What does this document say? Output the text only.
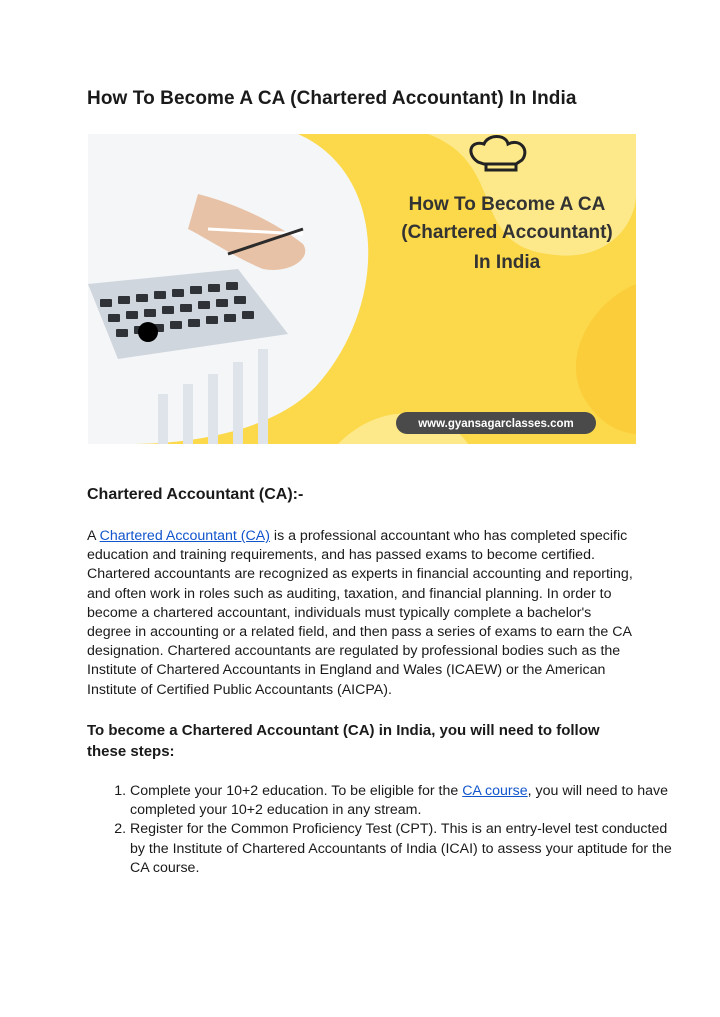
How To Become A CA (Chartered Accountant) In India
How To Become A CA
(Chartered Accountant)
In India
www.gyansagarclasses.com
Chartered Accountant (CA):-

A Chartered Accountant (CA) is a professional accountant who has completed specific education and training requirements, and has passed exams to become certified. Chartered accountants are recognized as experts in financial accounting and reporting, and often work in roles such as auditing, taxation, and financial planning. In order to become a chartered accountant, individuals must typically complete a bachelor's degree in accounting or a related field, and then pass a series of exams to earn the CA designation. Chartered accountants are regulated by professional bodies such as the Institute of Chartered Accountants in England and Wales (ICAEW) or the American Institute of Certified Public Accountants (AICPA).

To become a Chartered Accountant (CA) in India, you will need to follow these steps:

1. Complete your 10+2 education. To be eligible for the CA course, you will need to have completed your 10+2 education in any stream.
2. Register for the Common Proficiency Test (CPT). This is an entry-level test conducted by the Institute of Chartered Accountants of India (ICAI) to assess your aptitude for the CA course.
